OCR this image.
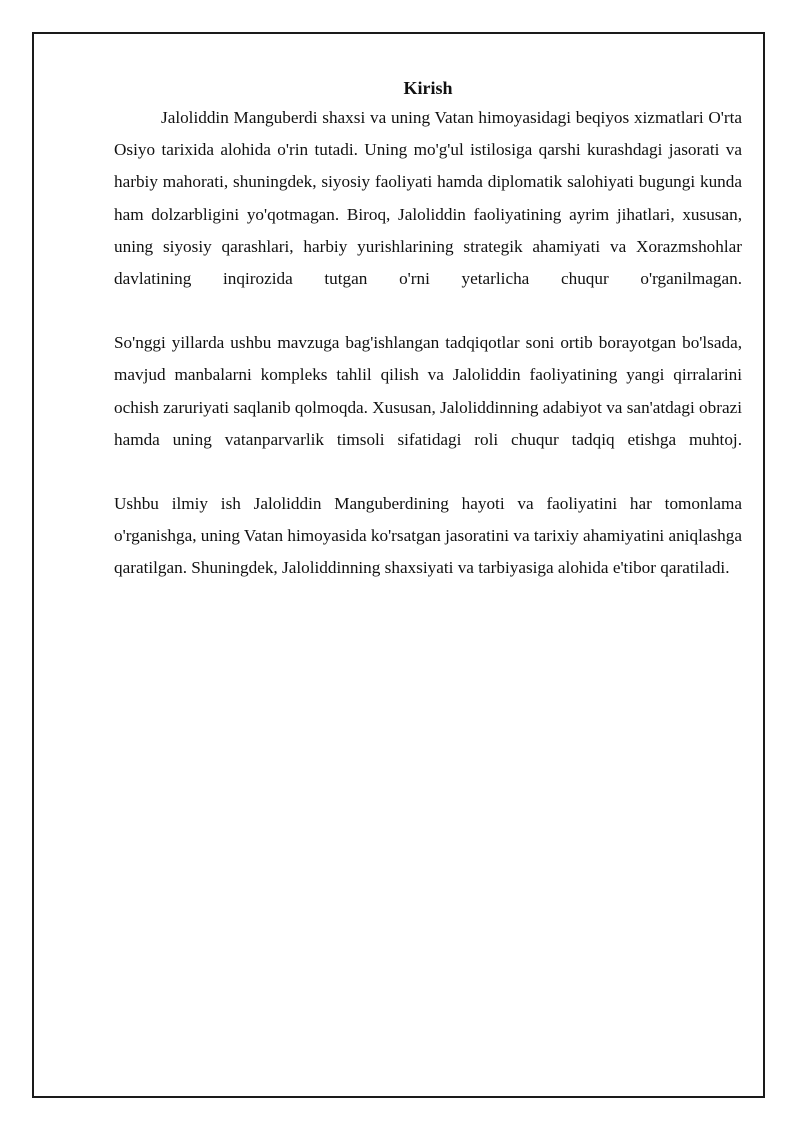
Kirish

Jaloliddin Manguberdi shaxsi va uning Vatan himoyasidagi beqiyos xizmatlari O'rta Osiyo tarixida alohida o'rin tutadi. Uning mo'g'ul istilosiga qarshi kurashdagi jasorati va harbiy mahorati, shuningdek, siyosiy faoliyati hamda diplomatik salohiyati bugungi kunda ham dolzarbligini yo'qotmagan. Biroq, Jaloliddin faoliyatining ayrim jihatlari, xususan, uning siyosiy qarashlari, harbiy yurishlarining strategik ahamiyati va Xorazmshohlar davlatining inqirozida tutgan o'rni yetarlicha chuqur o'rganilmagan.

So'nggi yillarda ushbu mavzuga bag'ishlangan tadqiqotlar soni ortib borayotgan bo'lsada, mavjud manbalarni kompleks tahlil qilish va Jaloliddin faoliyatining yangi qirralarini ochish zaruriyati saqlanib qolmoqda. Xususan, Jaloliddinning adabiyot va san'atdagi obrazi hamda uning vatanparvarlik timsoli sifatidagi roli chuqur tadqiq etishga muhtoj.

Ushbu ilmiy ish Jaloliddin Manguberdining hayoti va faoliyatini har tomonlama o'rganishga, uning Vatan himoyasida ko'rsatgan jasoratini va tarixiy ahamiyatini aniqlashga qaratilgan. Shuningdek, Jaloliddinning shaxsiyati va tarbiyasiga alohida e'tibor qaratiladi.
